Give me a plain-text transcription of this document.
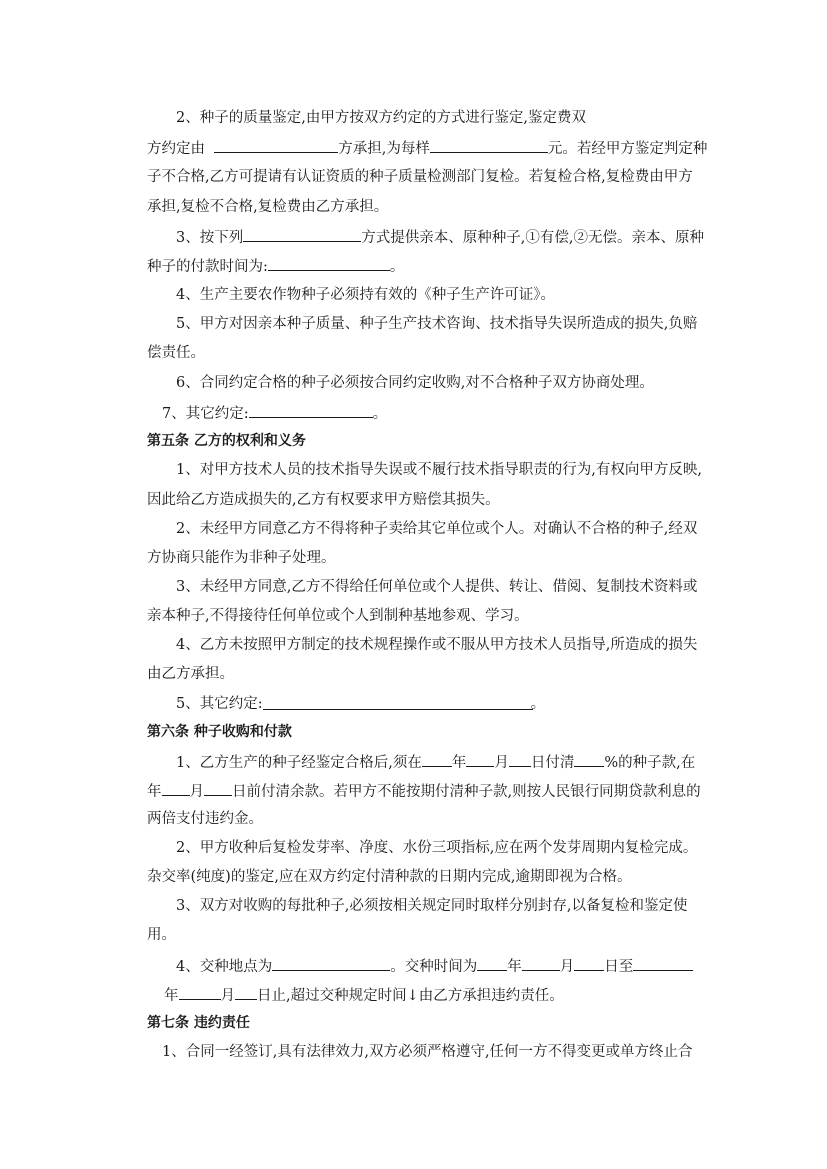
2、种子的质量鉴定,由甲方按双方约定的方式进行鉴定,鉴定费双
方约定由	方承担,为每样	元。若经甲方鉴定判定种
子不合格,乙方可提请有认证资质的种子质量检测部门复检。若复检合格,复检费由甲方
承担,复检不合格,复检费由乙方承担。
3、按下列	方式提供亲本、原种种子,①有偿,②无偿。亲本、原种
种子的付款时间为:	。
4、生产主要农作物种子必须持有效的《种子生产许可证》。
5、甲方对因亲本种子质量、种子生产技术咨询、技术指导失误所造成的损失,负赔
偿责任。
6、合同约定合格的种子必须按合同约定收购,对不合格种子双方协商处理。
7、其它约定:	。
第五条 乙方的权利和义务
1、对甲方技术人员的技术指导失误或不履行技术指导职责的行为,有权向甲方反映,
因此给乙方造成损失的,乙方有权要求甲方赔偿其损失。
2、未经甲方同意乙方不得将种子卖给其它单位或个人。对确认不合格的种子,经双
方协商只能作为非种子处理。
3、未经甲方同意,乙方不得给任何单位或个人提供、转让、借阅、复制技术资料或
亲本种子,不得接待任何单位或个人到制种基地参观、学习。
4、乙方未按照甲方制定的技术规程操作或不服从甲方技术人员指导,所造成的损失
由乙方承担。
5、其它约定:	。
第六条 种子收购和付款
1、乙方生产的种子经鉴定合格后,须在 年 月 日付清 %的种子款,在
年 月 日前付清余款。若甲方不能按期付清种子款,则按人民银行同期贷款利息的
两倍支付违约金。
2、甲方收种后复检发芽率、净度、水份三项指标,应在两个发芽周期内复检完成。
杂交率(纯度)的鉴定,应在双方约定付清种款的日期内完成,逾期即视为合格。
3、双方对收购的每批种子,必须按相关规定同时取样分别封存,以备复检和鉴定使
用。
4、交种地点为	。交种时间为 年	月 日至
年	月 日止,超过交种规定时间↓由乙方承担违约责任。
第七条 违约责任
1、合同一经签订,具有法律效力,双方必须严格遵守,任何一方不得变更或单方终止合
